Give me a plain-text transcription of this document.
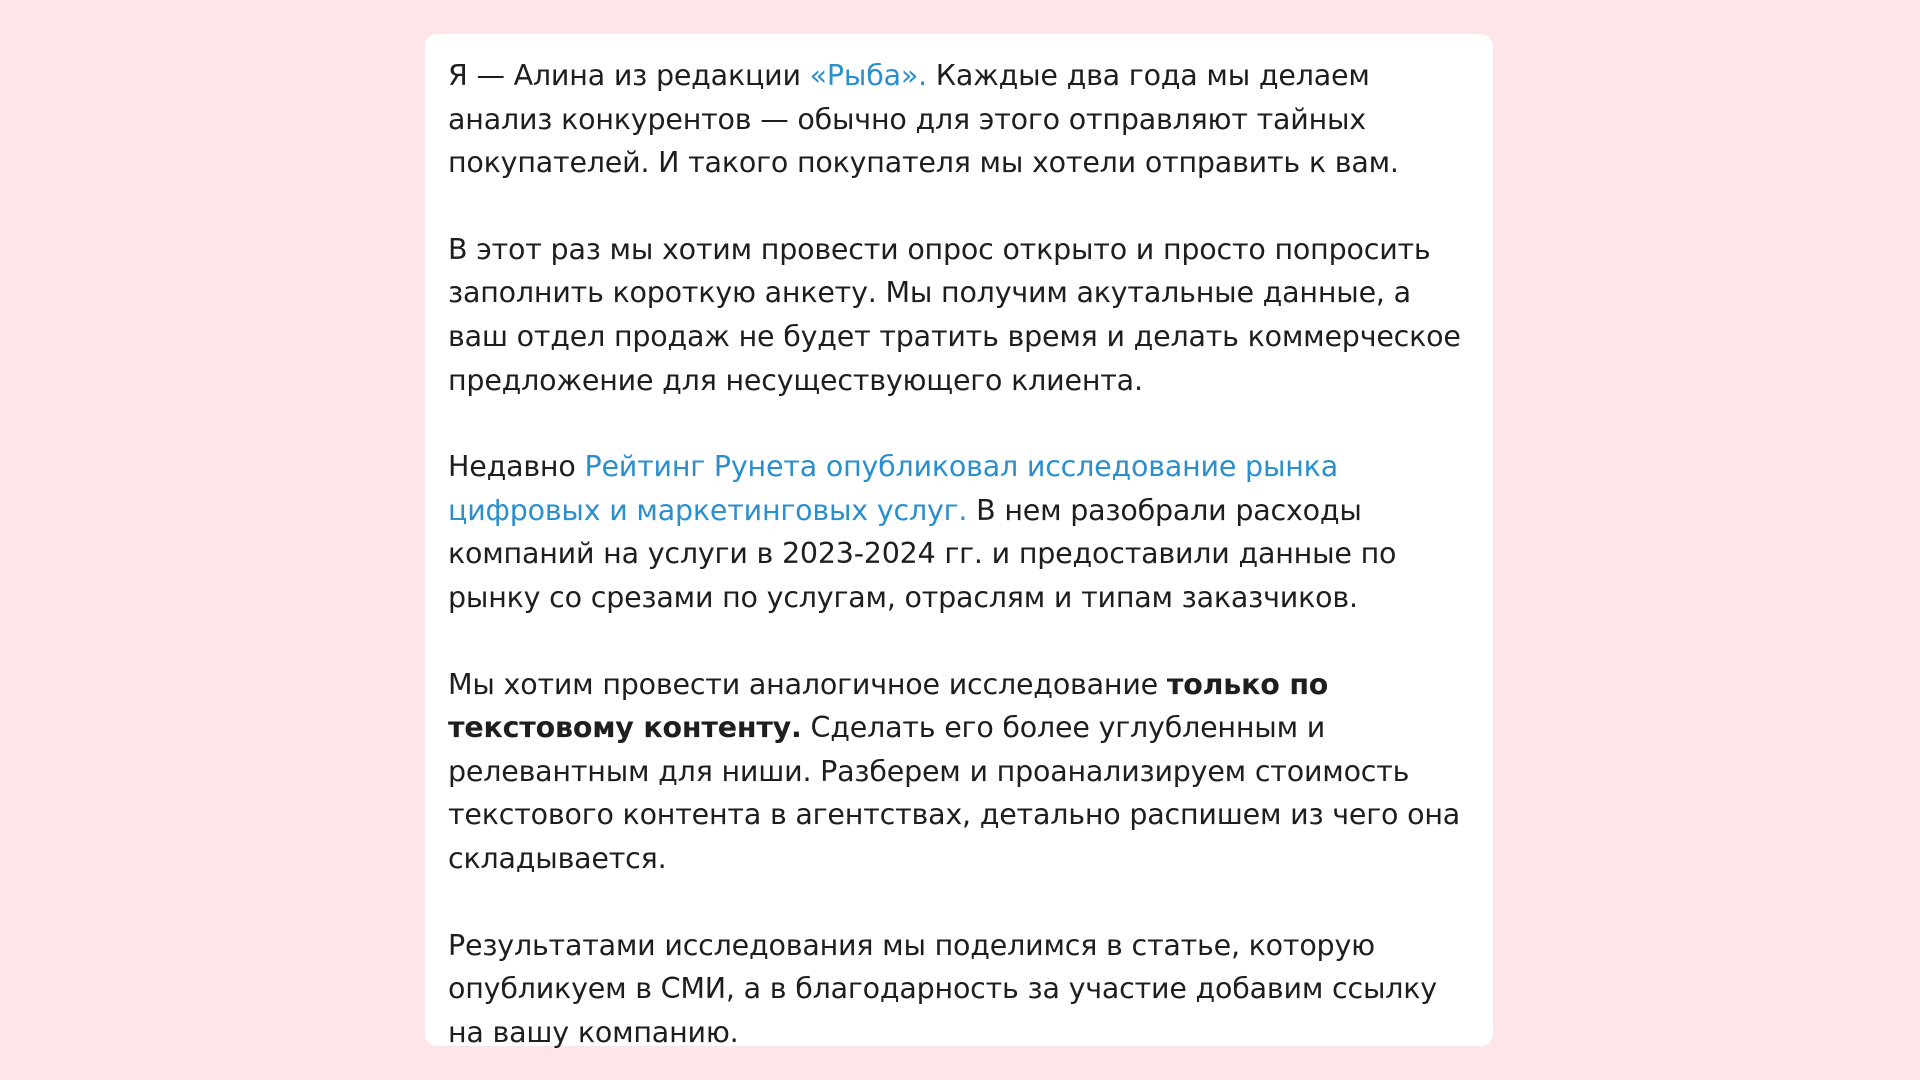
Я — Алина из редакции «Рыба». Каждые два года мы делаем анализ конкурентов — обычно для этого отправляют тайных покупателей. И такого покупателя мы хотели отправить к вам.

В этот раз мы хотим провести опрос открыто и просто попросить заполнить короткую анкету. Мы получим акутальные данные, а ваш отдел продаж не будет тратить время и делать коммерческое предложение для несуществующего клиента.

Недавно Рейтинг Рунета опубликовал исследование рынка цифровых и маркетинговых услуг. В нем разобрали расходы компаний на услуги в 2023-2024 гг. и предоставили данные по рынку со срезами по услугам, отраслям и типам заказчиков.

Мы хотим провести аналогичное исследование только по текстовому контенту. Сделать его более углубленным и релевантным для ниши. Разберем и проанализируем стоимость текстового контента в агентствах, детально распишем из чего она складывается.

Результатами исследования мы поделимся в статье, которую опубликуем в СМИ, а в благодарность за участие добавим ссылку на вашу компанию.
